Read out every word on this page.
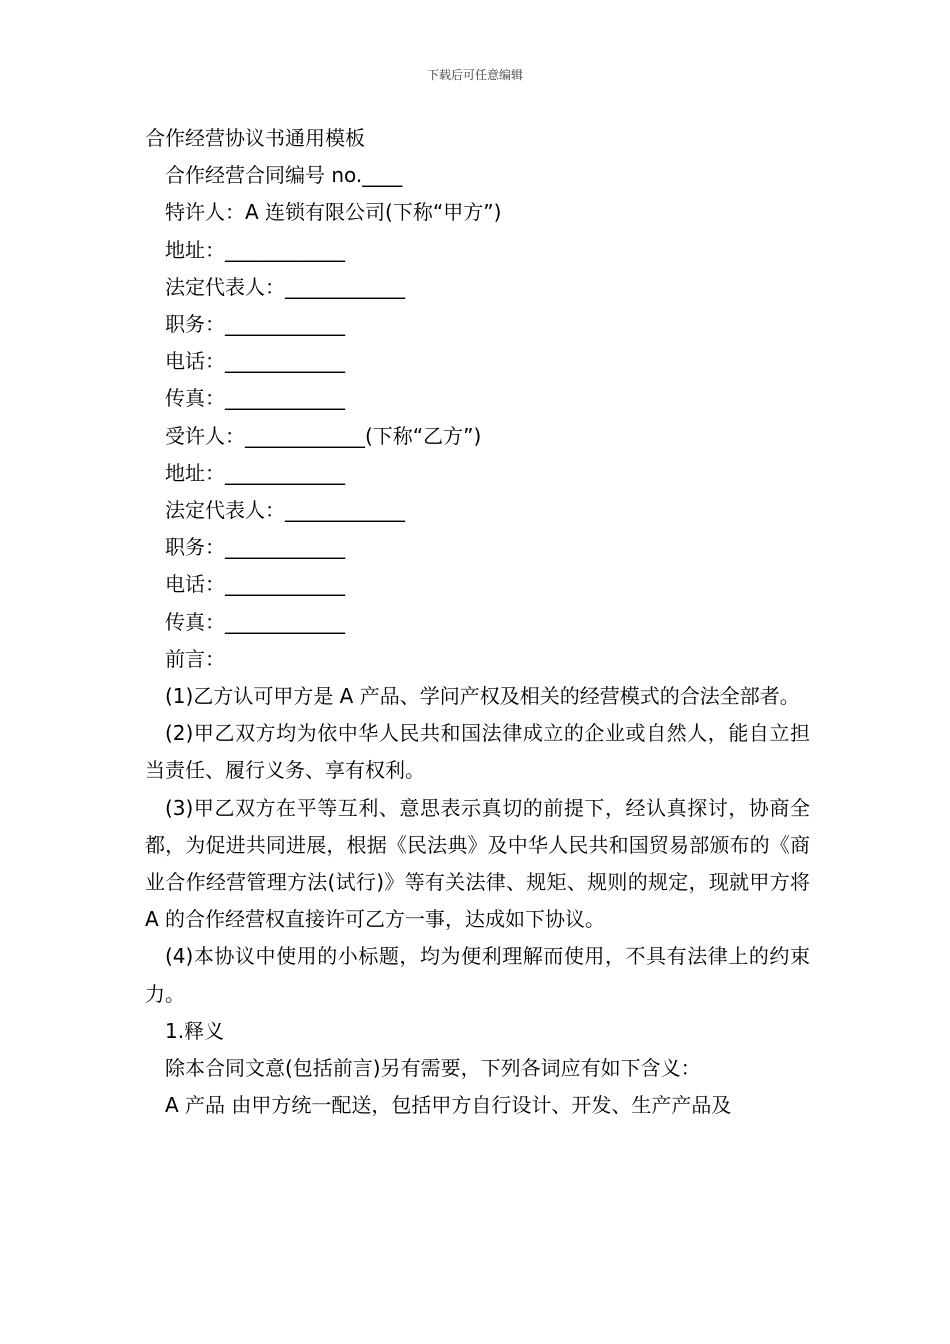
下载后可任意编辑
合作经营协议书通用模板
合作经营合同编号 no.____
特许人：A 连锁有限公司(下称“甲方”)
地址：____________
法定代表人：____________
职务：____________
电话：____________
传真：____________
受许人：____________(下称“乙方”)
地址：____________
法定代表人：____________
职务：____________
电话：____________
传真：____________
前言：
(1)乙方认可甲方是 A 产品、学问产权及相关的经营模式的合法全部者。
(2)甲乙双方均为依中华人民共和国法律成立的企业或自然人，能自立担当责任、履行义务、享有权利。
(3)甲乙双方在平等互利、意思表示真切的前提下，经认真探讨，协商全都，为促进共同进展，根据《民法典》及中华人民共和国贸易部颁布的《商业合作经营管理方法(试行)》等有关法律、规矩、规则的规定，现就甲方将 A 的合作经营权直接许可乙方一事，达成如下协议。
(4)本协议中使用的小标题，均为便利理解而使用，不具有法律上的约束力。
1.释义
除本合同文意(包括前言)另有需要，下列各词应有如下含义：
A 产品 由甲方统一配送，包括甲方自行设计、开发、生产产品及
